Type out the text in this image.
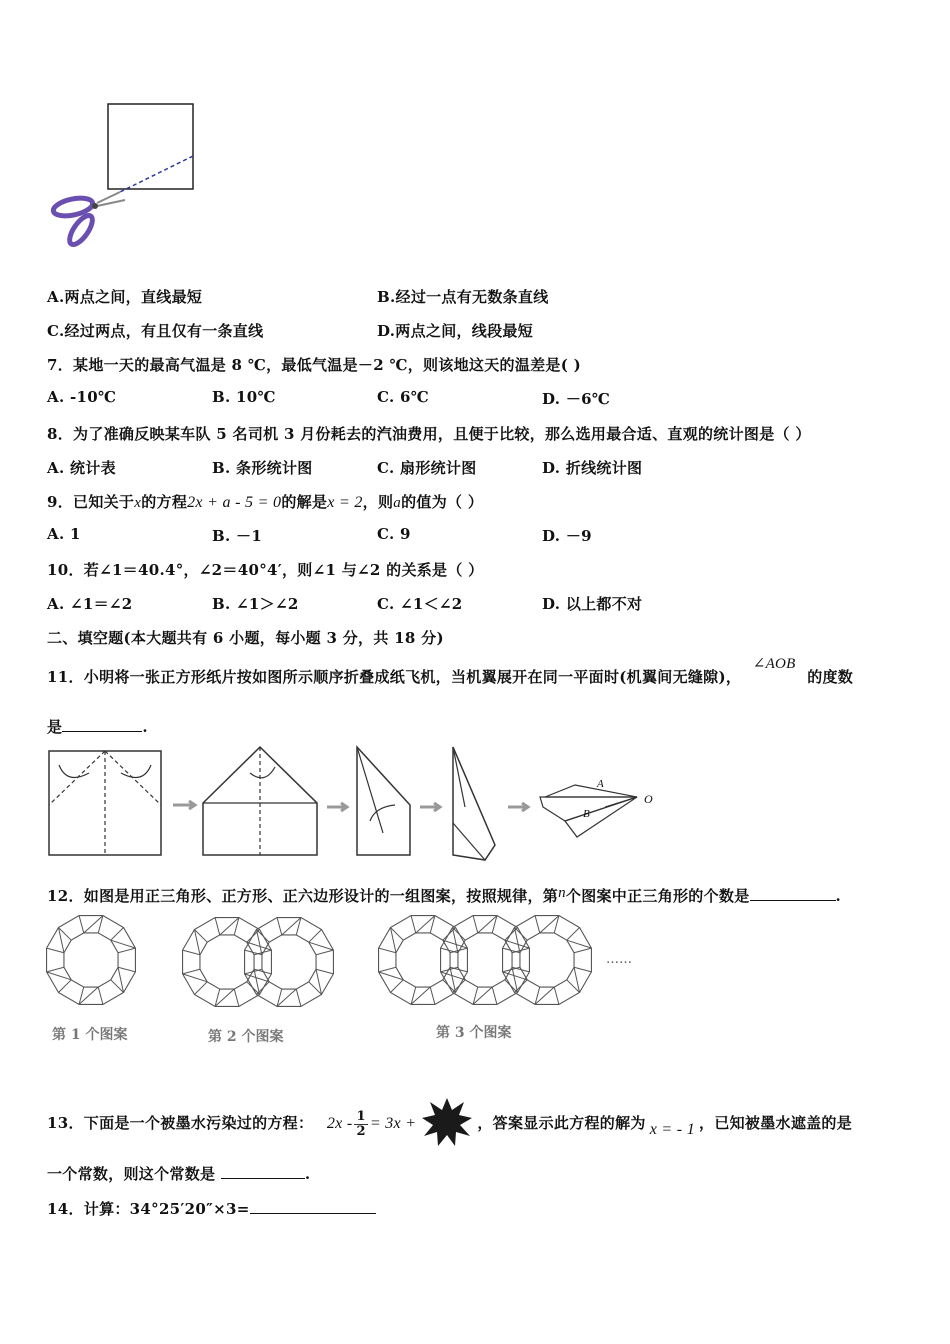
A.两点之间，直线最短	B.经过一点有无数条直线
C.经过两点，有且仅有一条直线	D.两点之间，线段最短
7．某地一天的最高气温是 8 ℃，最低气温是－2 ℃，则该地这天的温差是( )
A. -10℃	B. 10℃	C. 6℃	D. －6℃
8．为了准确反映某车队 5 名司机 3 月份耗去的汽油费用，且便于比较，那么选用最合适、直观的统计图是（ ）
A. 统计表	B. 条形统计图	C. 扇形统计图	D. 折线统计图
9．已知关于x的方程2x + a - 5 = 0的解是x = 2，则a的值为（ ）
A. 1	B. －1	C. 9	D. －9
10．若∠1＝40.4°，∠2＝40°4′，则∠1 与∠2 的关系是（ ）
A. ∠1＝∠2	B. ∠1＞∠2	C. ∠1＜∠2	D. 以上都不对
二、填空题(本大题共有 6 小题，每小题 3 分，共 18 分)
11．小明将一张正方形纸片按如图所示顺序折叠成纸飞机，当机翼展开在同一平面时(机翼间无缝隙)， ∠AOB 的度数
是	.
A
B
O
12．如图是用正三角形、正方形、正六边形设计的一组图案，按照规律，第n个图案中正三角形的个数是	.
第 1 个图案	第 2 个图案	第 3 个图案
……
13．下面是一个被墨水污染过的方程： $2x - \frac{1}{2} = 3x$ +	，答案显示此方程的解为 x = - 1 ，已知被墨水遮盖的是
一个常数，则这个常数是	.
14．计算：34°25′20″×3=
